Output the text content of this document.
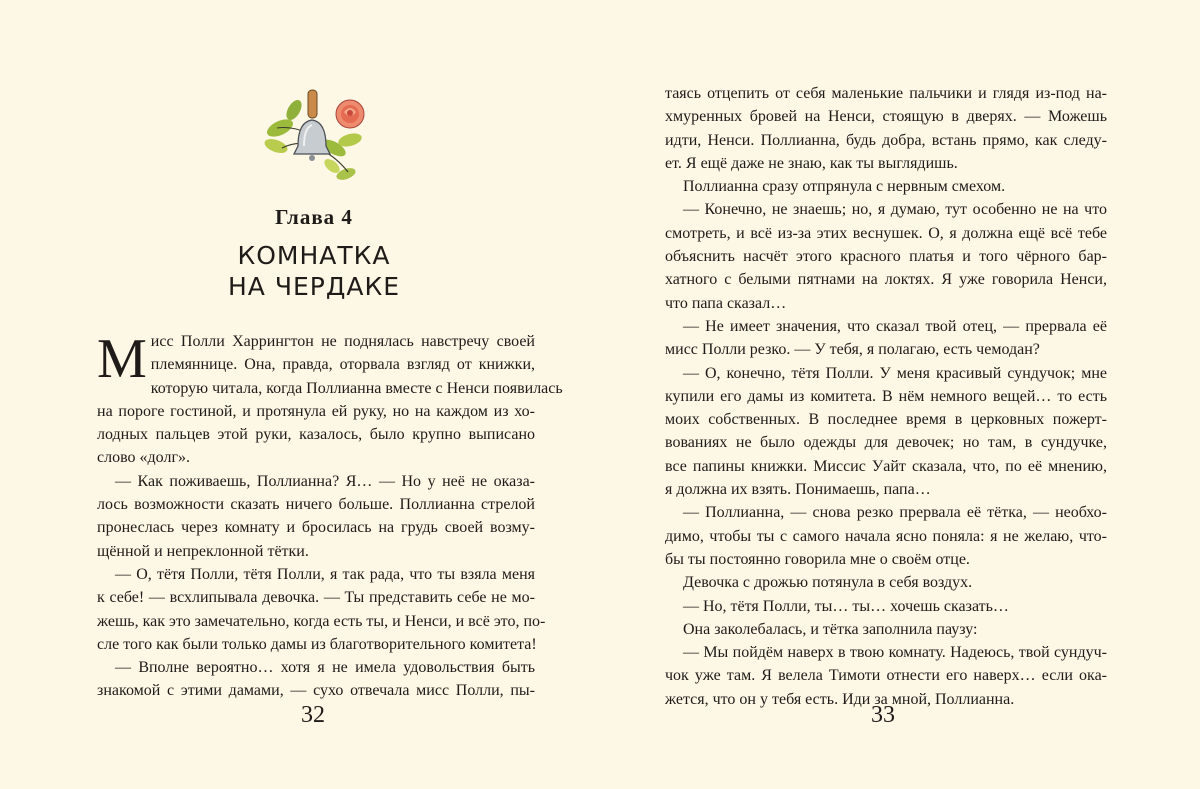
Глава 4
КОМНАТКА
НА ЧЕРДАКЕ
М исс Полли Харрингтон не поднялась навстречу своей
племяннице. Она, правда, оторвала взгляд от книжки,
которую читала, когда Поллианна вместе с Ненси появилась
на пороге гостиной, и протянула ей руку, но на каждом из хо-
лодных пальцев этой руки, казалось, было крупно выписано
слово «долг».
— Как поживаешь, Поллианна? Я… — Но у неё не оказа-
лось возможности сказать ничего больше. Поллианна стрелой
пронеслась через комнату и бросилась на грудь своей возму-
щённой и непреклонной тётки.
— О, тётя Полли, тётя Полли, я так рада, что ты взяла меня
к себе! — всхлипывала девочка. — Ты представить себе не мо-
жешь, как это замечательно, когда есть ты, и Ненси, и всё это, по-
сле того как были только дамы из благотворительного комитета!
— Вполне вероятно… хотя я не имела удовольствия быть
знакомой с этими дамами, — сухо отвечала мисс Полли, пы-
32
таясь отцепить от себя маленькие пальчики и глядя из-под на-
хмуренных бровей на Ненси, стоящую в дверях. — Можешь
идти, Ненси. Поллианна, будь добра, встань прямо, как следу-
ет. Я ещё даже не знаю, как ты выглядишь.
Поллианна сразу отпрянула с нервным смехом.
— Конечно, не знаешь; но, я думаю, тут особенно не на что
смотреть, и всё из-за этих веснушек. О, я должна ещё всё тебе
объяснить насчёт этого красного платья и того чёрного бар-
хатного с белыми пятнами на локтях. Я уже говорила Ненси,
что папа сказал…
— Не имеет значения, что сказал твой отец, — прервала её
мисс Полли резко. — У тебя, я полагаю, есть чемодан?
— О, конечно, тётя Полли. У меня красивый сундучок; мне
купили его дамы из комитета. В нём немного вещей… то есть
моих собственных. В последнее время в церковных пожерт-
вованиях не было одежды для девочек; но там, в сундучке,
все папины книжки. Миссис Уайт сказала, что, по её мнению,
я должна их взять. Понимаешь, папа…
— Поллианна, — снова резко прервала её тётка, — необхо-
димо, чтобы ты с самого начала ясно поняла: я не желаю, что-
бы ты постоянно говорила мне о своём отце.
Девочка с дрожью потянула в себя воздух.
— Но, тётя Полли, ты… ты… хочешь сказать…
Она заколебалась, и тётка заполнила паузу:
— Мы пойдём наверх в твою комнату. Надеюсь, твой сундуч-
чок уже там. Я велела Тимоти отнести его наверх… если ока-
жется, что он у тебя есть. Иди за мной, Поллианна.
33
